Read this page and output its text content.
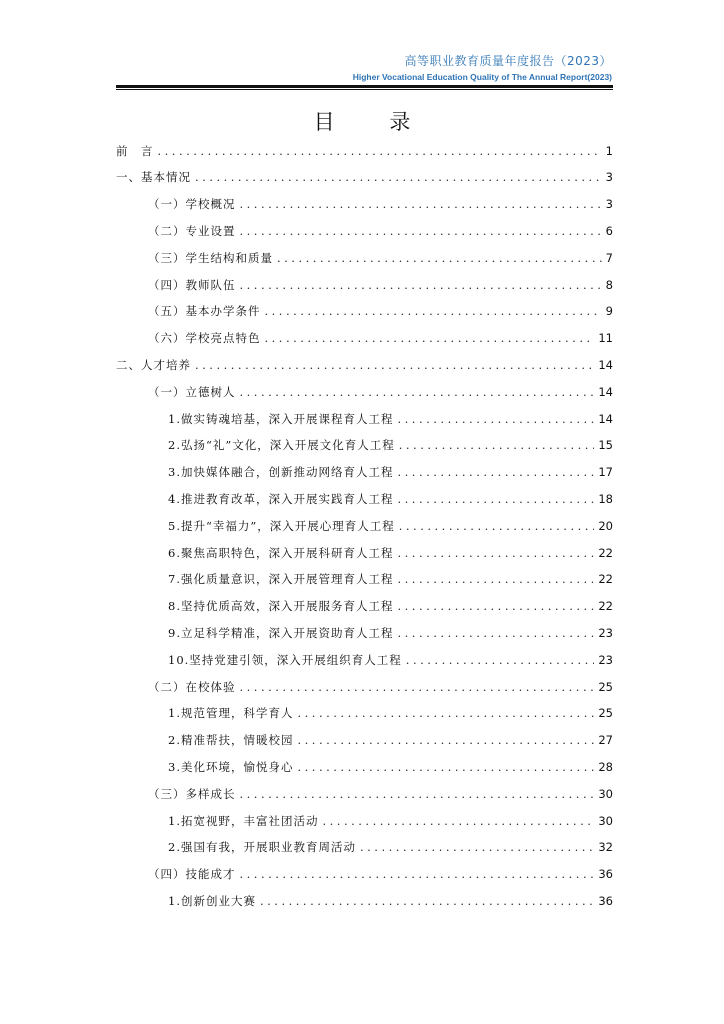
高等职业教育质量年度报告（2023）
Higher Vocational Education Quality of The Annual Report(2023)
目 录
前　言 .....	1
一、基本情况 .....	3
（一）学校概况 .....	3
（二）专业设置 .....	6
（三）学生结构和质量 .....	7
（四）教师队伍 .....	8
（五）基本办学条件 .....	9
（六）学校亮点特色 .....	11
二、人才培养 .....	14
（一）立德树人 .....	14
1.做实铸魂培基，深入开展课程育人工程 .....	14
2.弘扬“礼”文化，深入开展文化育人工程 .....	15
3.加快媒体融合，创新推动网络育人工程 .....	17
4.推进教育改革，深入开展实践育人工程 .....	18
5.提升“幸福力”，深入开展心理育人工程 .....	20
6.聚焦高职特色，深入开展科研育人工程 .....	22
7.强化质量意识，深入开展管理育人工程 .....	22
8.坚持优质高效，深入开展服务育人工程 .....	22
9.立足科学精准，深入开展资助育人工程 .....	23
10.坚持党建引领，深入开展组织育人工程 .....	23
（二）在校体验 .....	25
1.规范管理，科学育人 .....	25
2.精准帮扶，情暖校园 .....	27
3.美化环境，愉悦身心 .....	28
（三）多样成长 .....	30
1.拓宽视野，丰富社团活动 .....	30
2.强国有我，开展职业教育周活动 .....	32
（四）技能成才 .....	36
1.创新创业大赛 .....	36
